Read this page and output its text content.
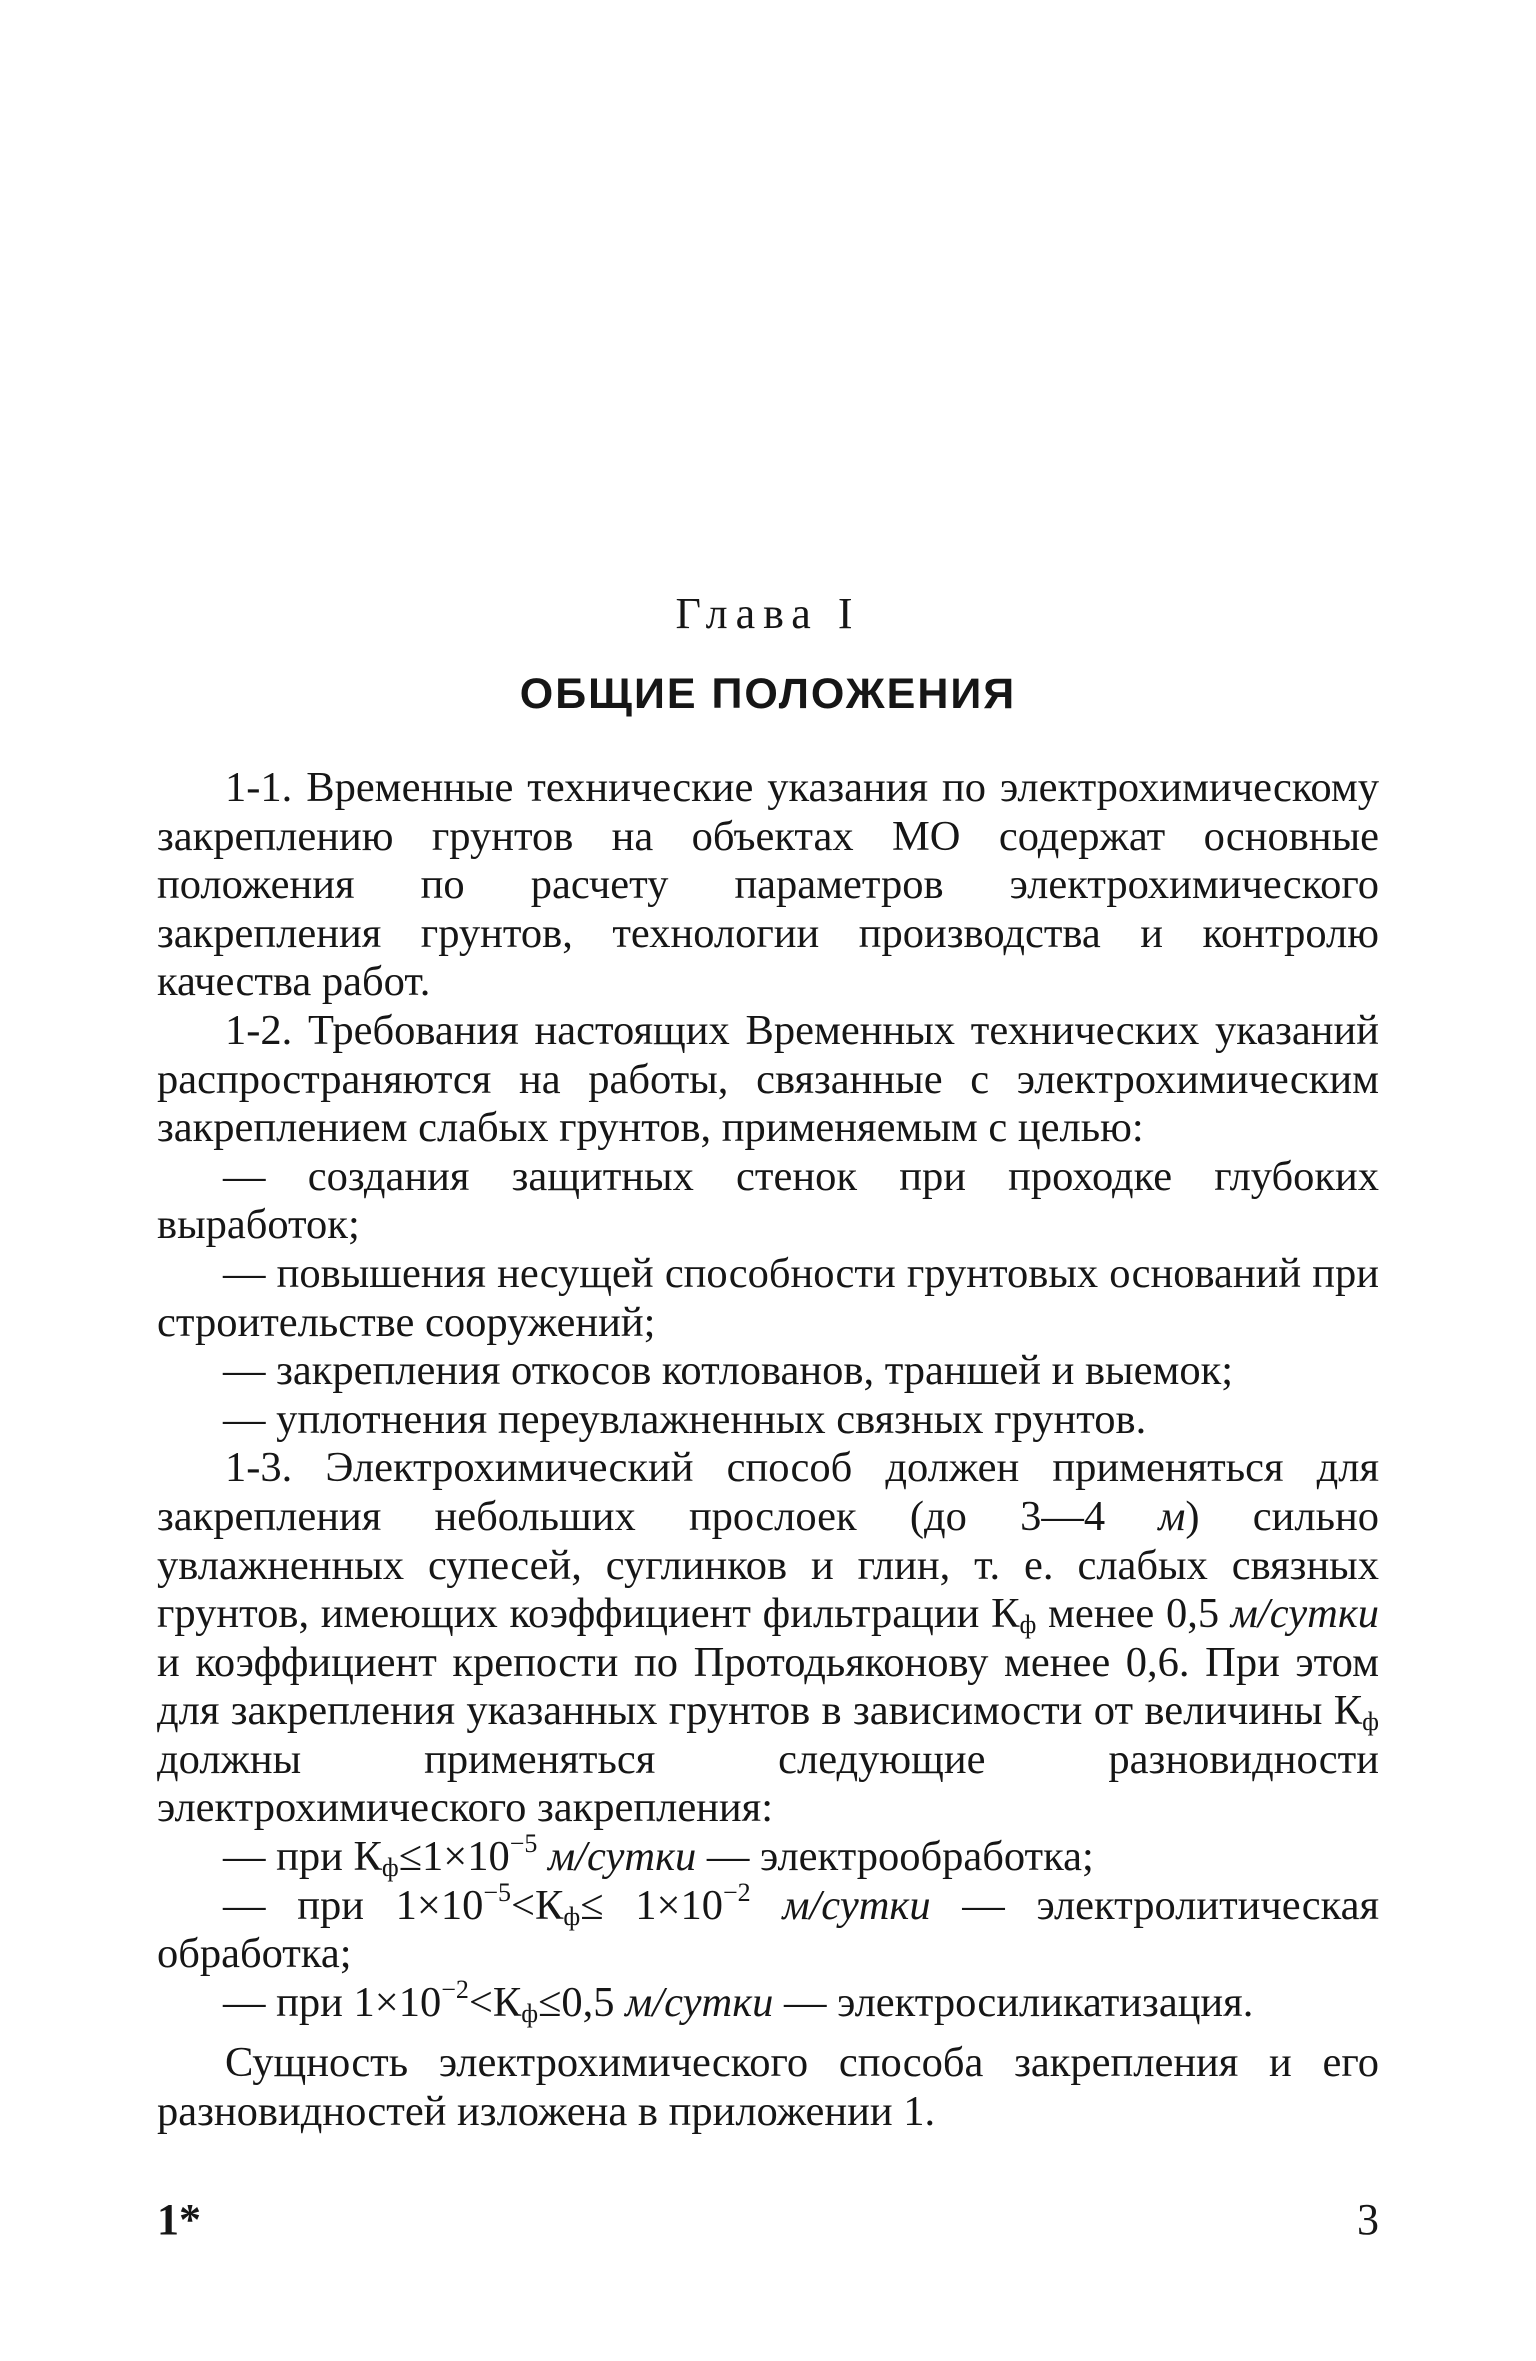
Глава I
ОБЩИЕ ПОЛОЖЕНИЯ

1-1. Временные технические указания по электрохимическому закреплению грунтов на объектах МО содержат основные положения по расчету параметров электрохимического закрепления грунтов, технологии производства и контролю качества работ.

1-2. Требования настоящих Временных технических указаний распространяются на работы, связанные с электрохимическим закреплением слабых грунтов, применяемым с целью:

— создания защитных стенок при проходке глубоких выработок;

— повышения несущей способности грунтовых оснований при строительстве сооружений;

— закрепления откосов котлованов, траншей и выемок;

— уплотнения переувлажненных связных грунтов.

1-3. Электрохимический способ должен применяться для закрепления небольших прослоек (до 3—4 м) сильно увлажненных супесей, суглинков и глин, т. е. слабых связных грунтов, имеющих коэффициент фильтрации $К_ф$ менее 0,5 м/сутки и коэффициент крепости по Протодьяконову менее 0,6. При этом для закрепления указанных грунтов в зависимости от величины $К_ф$ должны применяться следующие разновидности электрохимического закрепления:

— при $К_ф\le 1\times 10^{-5}$ м/сутки — электрообработка;

— при $1\times 10^{-5}<К_ф\le 1\times 10^{-2}$ м/сутки — электролитическая обработка;

— при $1\times 10^{-2}<К_ф\le 0,5$ м/сутки — электросиликатизация.

Сущность электрохимического способа закрепления и его разновидностей изложена в приложении 1.

1*	3
